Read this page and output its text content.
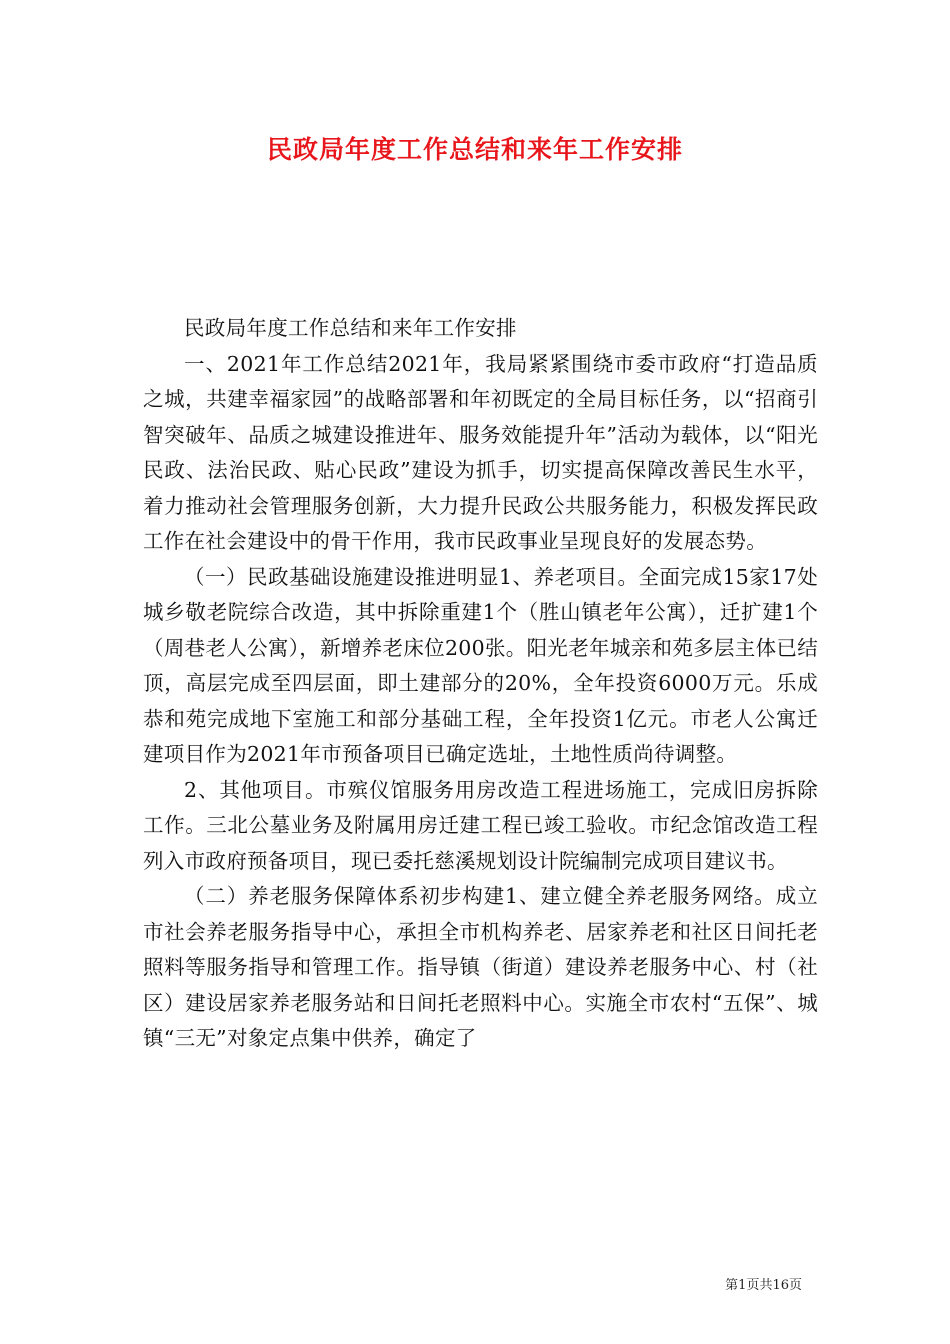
民政局年度工作总结和来年工作安排

民政局年度工作总结和来年工作安排

一、2021年工作总结2021年，我局紧紧围绕市委市政府“打造品质之城，共建幸福家园”的战略部署和年初既定的全局目标任务，以“招商引智突破年、品质之城建设推进年、服务效能提升年”活动为载体，以“阳光民政、法治民政、贴心民政”建设为抓手，切实提高保障改善民生水平，着力推动社会管理服务创新，大力提升民政公共服务能力，积极发挥民政工作在社会建设中的骨干作用，我市民政事业呈现良好的发展态势。

（一）民政基础设施建设推进明显1、养老项目。全面完成15家17处城乡敬老院综合改造，其中拆除重建1个（胜山镇老年公寓），迁扩建1个（周巷老人公寓），新增养老床位200张。阳光老年城亲和苑多层主体已结顶，高层完成至四层面，即土建部分的20%，全年投资6000万元。乐成恭和苑完成地下室施工和部分基础工程，全年投资1亿元。市老人公寓迁建项目作为2021年市预备项目已确定选址，土地性质尚待调整。

2、其他项目。市殡仪馆服务用房改造工程进场施工，完成旧房拆除工作。三北公墓业务及附属用房迁建工程已竣工验收。市纪念馆改造工程列入市政府预备项目，现已委托慈溪规划设计院编制完成项目建议书。

（二）养老服务保障体系初步构建1、建立健全养老服务网络。成立市社会养老服务指导中心，承担全市机构养老、居家养老和社区日间托老照料等服务指导和管理工作。指导镇（街道）建设养老服务中心、村（社区）建设居家养老服务站和日间托老照料中心。实施全市农村“五保”、城镇“三无”对象定点集中供养，确定了

第1页共16页
